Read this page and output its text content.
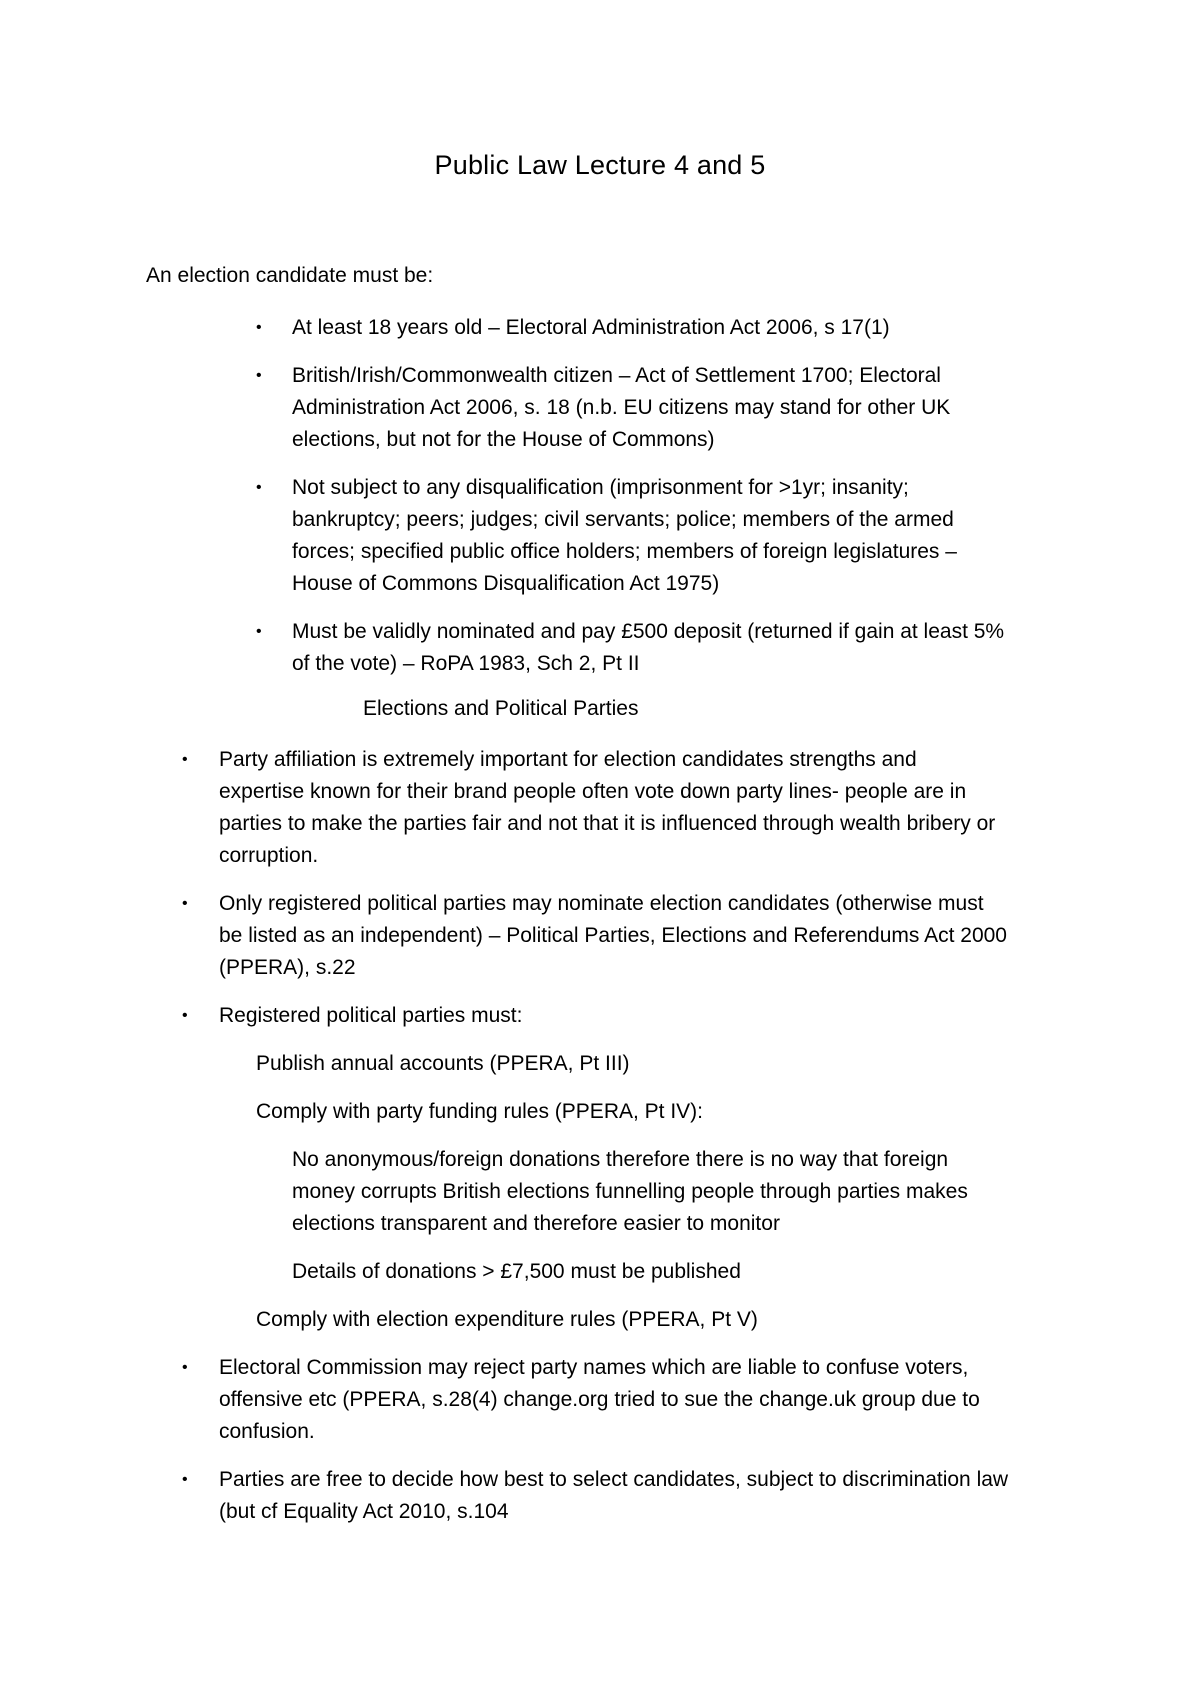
Public Law Lecture 4 and 5
An election candidate must be:
• At least 18 years old – Electoral Administration Act 2006, s 17(1)
• British/Irish/Commonwealth citizen – Act of Settlement 1700; Electoral
Administration Act 2006, s. 18 (n.b. EU citizens may stand for other UK
elections, but not for the House of Commons)
• Not subject to any disqualification (imprisonment for >1yr; insanity;
bankruptcy; peers; judges; civil servants; police; members of the armed
forces; specified public office holders; members of foreign legislatures –
House of Commons Disqualification Act 1975)
• Must be validly nominated and pay £500 deposit (returned if gain at least 5%
of the vote) – RoPA 1983, Sch 2, Pt II
Elections and Political Parties
• Party affiliation is extremely important for election candidates strengths and
expertise known for their brand people often vote down party lines- people are in
parties to make the parties fair and not that it is influenced through wealth bribery or
corruption.
• Only registered political parties may nominate election candidates (otherwise must
be listed as an independent) – Political Parties, Elections and Referendums Act 2000
(PPERA), s.22
• Registered political parties must:
Publish annual accounts (PPERA, Pt III)
Comply with party funding rules (PPERA, Pt IV):
No anonymous/foreign donations therefore there is no way that foreign
money corrupts British elections funnelling people through parties makes
elections transparent and therefore easier to monitor
Details of donations > £7,500 must be published
Comply with election expenditure rules (PPERA, Pt V)
• Electoral Commission may reject party names which are liable to confuse voters,
offensive etc (PPERA, s.28(4) change.org tried to sue the change.uk group due to
confusion.
• Parties are free to decide how best to select candidates, subject to discrimination law
(but cf Equality Act 2010, s.104
